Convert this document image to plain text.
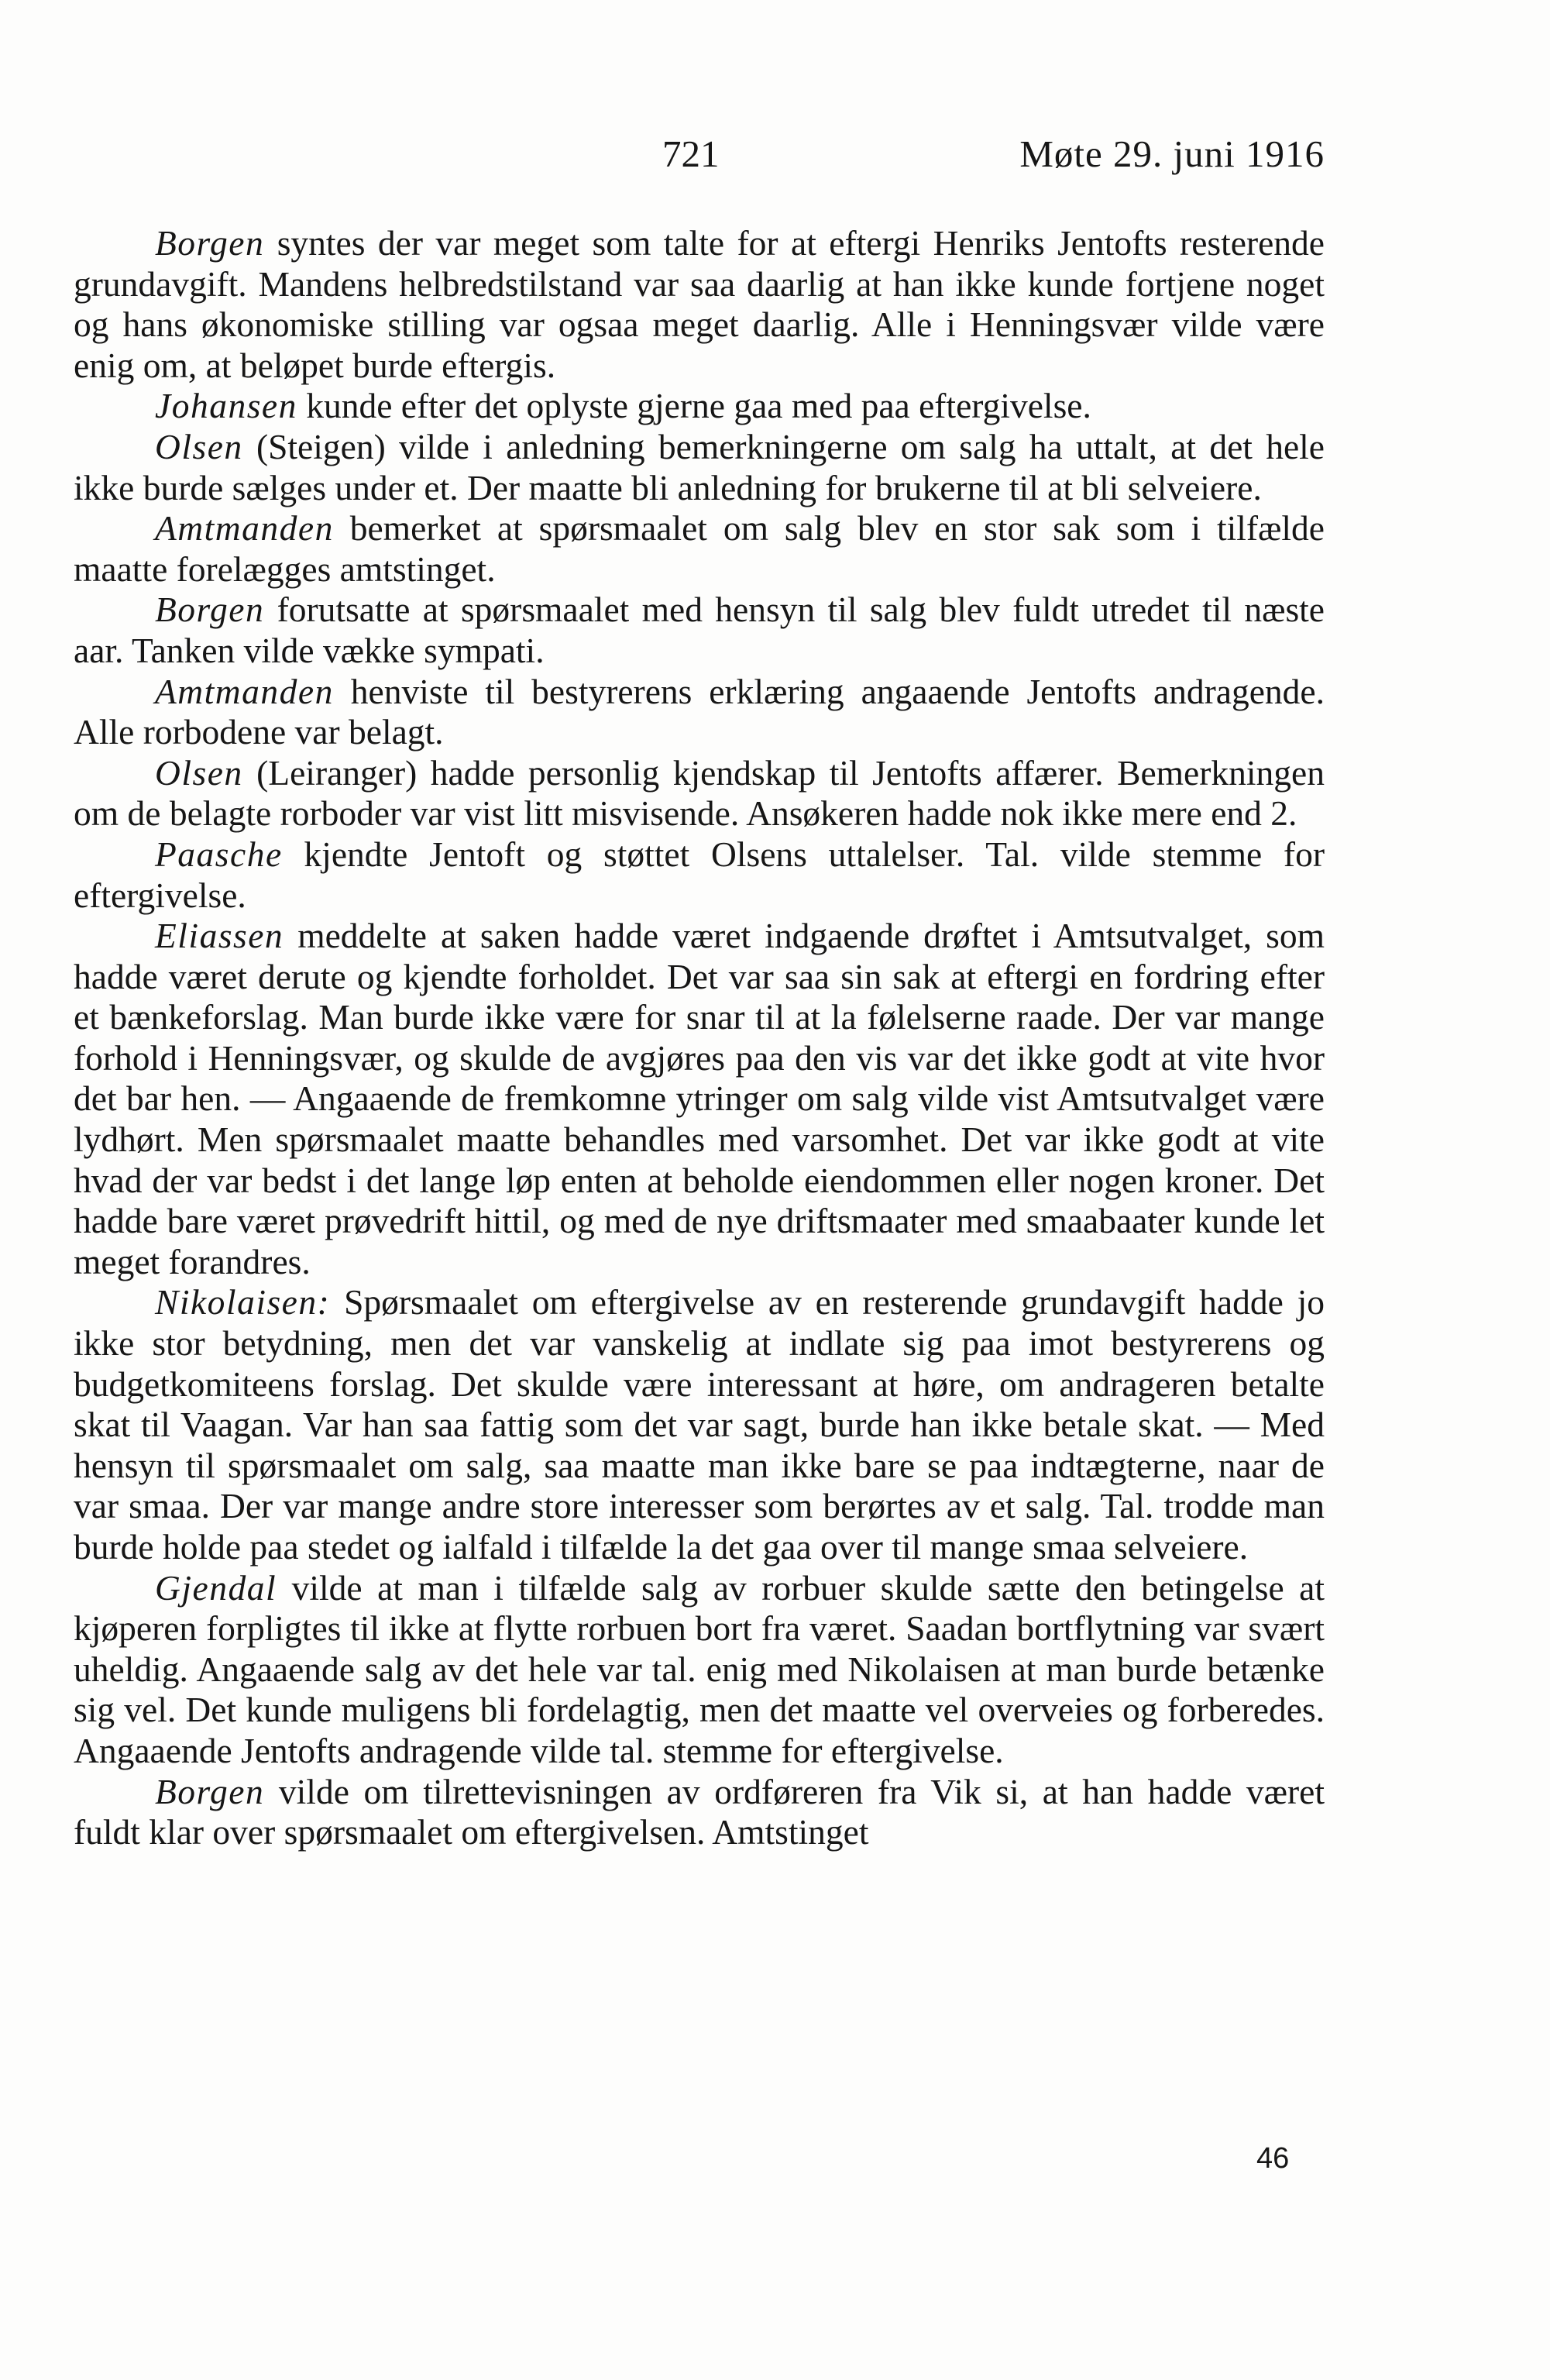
721	Møte 29. juni 1916

Borgen syntes der var meget som talte for at eftergi Henriks Jentofts resterende grundavgift. Mandens helbredstilstand var saa daarlig at han ikke kunde fortjene noget og hans økonomiske stilling var ogsaa meget daarlig. Alle i Henningsvær vilde være enig om, at beløpet burde eftergis.

Johansen kunde efter det oplyste gjerne gaa med paa eftergivelse.

Olsen (Steigen) vilde i anledning bemerkningerne om salg ha uttalt, at det hele ikke burde sælges under et. Der maatte bli anledning for brukerne til at bli selveiere.

Amtmanden bemerket at spørsmaalet om salg blev en stor sak som i tilfælde maatte forelægges amtstinget.

Borgen forutsatte at spørsmaalet med hensyn til salg blev fuldt utredet til næste aar. Tanken vilde vække sympati.

Amtmanden henviste til bestyrerens erklæring angaaende Jentofts andragende. Alle rorbodene var belagt.

Olsen (Leiranger) hadde personlig kjendskap til Jentofts affærer. Bemerkningen om de belagte rorboder var vist litt misvisende. Ansøkeren hadde nok ikke mere end 2.

Paasche kjendte Jentoft og støttet Olsens uttalelser. Tal. vilde stemme for eftergivelse.

Eliassen meddelte at saken hadde været indgaende drøftet i Amtsutvalget, som hadde været derute og kjendte forholdet. Det var saa sin sak at eftergi en fordring efter et bænkeforslag. Man burde ikke være for snar til at la følelserne raade. Der var mange forhold i Henningsvær, og skulde de avgjøres paa den vis var det ikke godt at vite hvor det bar hen. — Angaaende de fremkomne ytringer om salg vilde vist Amtsutvalget være lydhørt. Men spørsmaalet maatte behandles med varsomhet. Det var ikke godt at vite hvad der var bedst i det lange løp enten at beholde eiendommen eller nogen kroner. Det hadde bare været prøvedrift hittil, og med de nye driftsmaater med smaabaater kunde let meget forandres.

Nikolaisen: Spørsmaalet om eftergivelse av en resterende grundavgift hadde jo ikke stor betydning, men det var vanskelig at indlate sig paa imot bestyrerens og budgetkomiteens forslag. Det skulde være interessant at høre, om andrageren betalte skat til Vaagan. Var han saa fattig som det var sagt, burde han ikke betale skat. — Med hensyn til spørsmaalet om salg, saa maatte man ikke bare se paa indtægterne, naar de var smaa. Der var mange andre store interesser som berørtes av et salg. Tal. trodde man burde holde paa stedet og ialfald i tilfælde la det gaa over til mange smaa selveiere.

Gjendal vilde at man i tilfælde salg av rorbuer skulde sætte den betingelse at kjøperen forpligtes til ikke at flytte rorbuen bort fra været. Saadan bortflytning var svært uheldig. Angaaende salg av det hele var tal. enig med Nikolaisen at man burde betænke sig vel. Det kunde muligens bli fordelagtig, men det maatte vel overveies og forberedes. Angaaende Jentofts andragende vilde tal. stemme for eftergivelse.

Borgen vilde om tilrettevisningen av ordføreren fra Vik si, at han hadde været fuldt klar over spørsmaalet om eftergivelsen. Amtstinget

46
